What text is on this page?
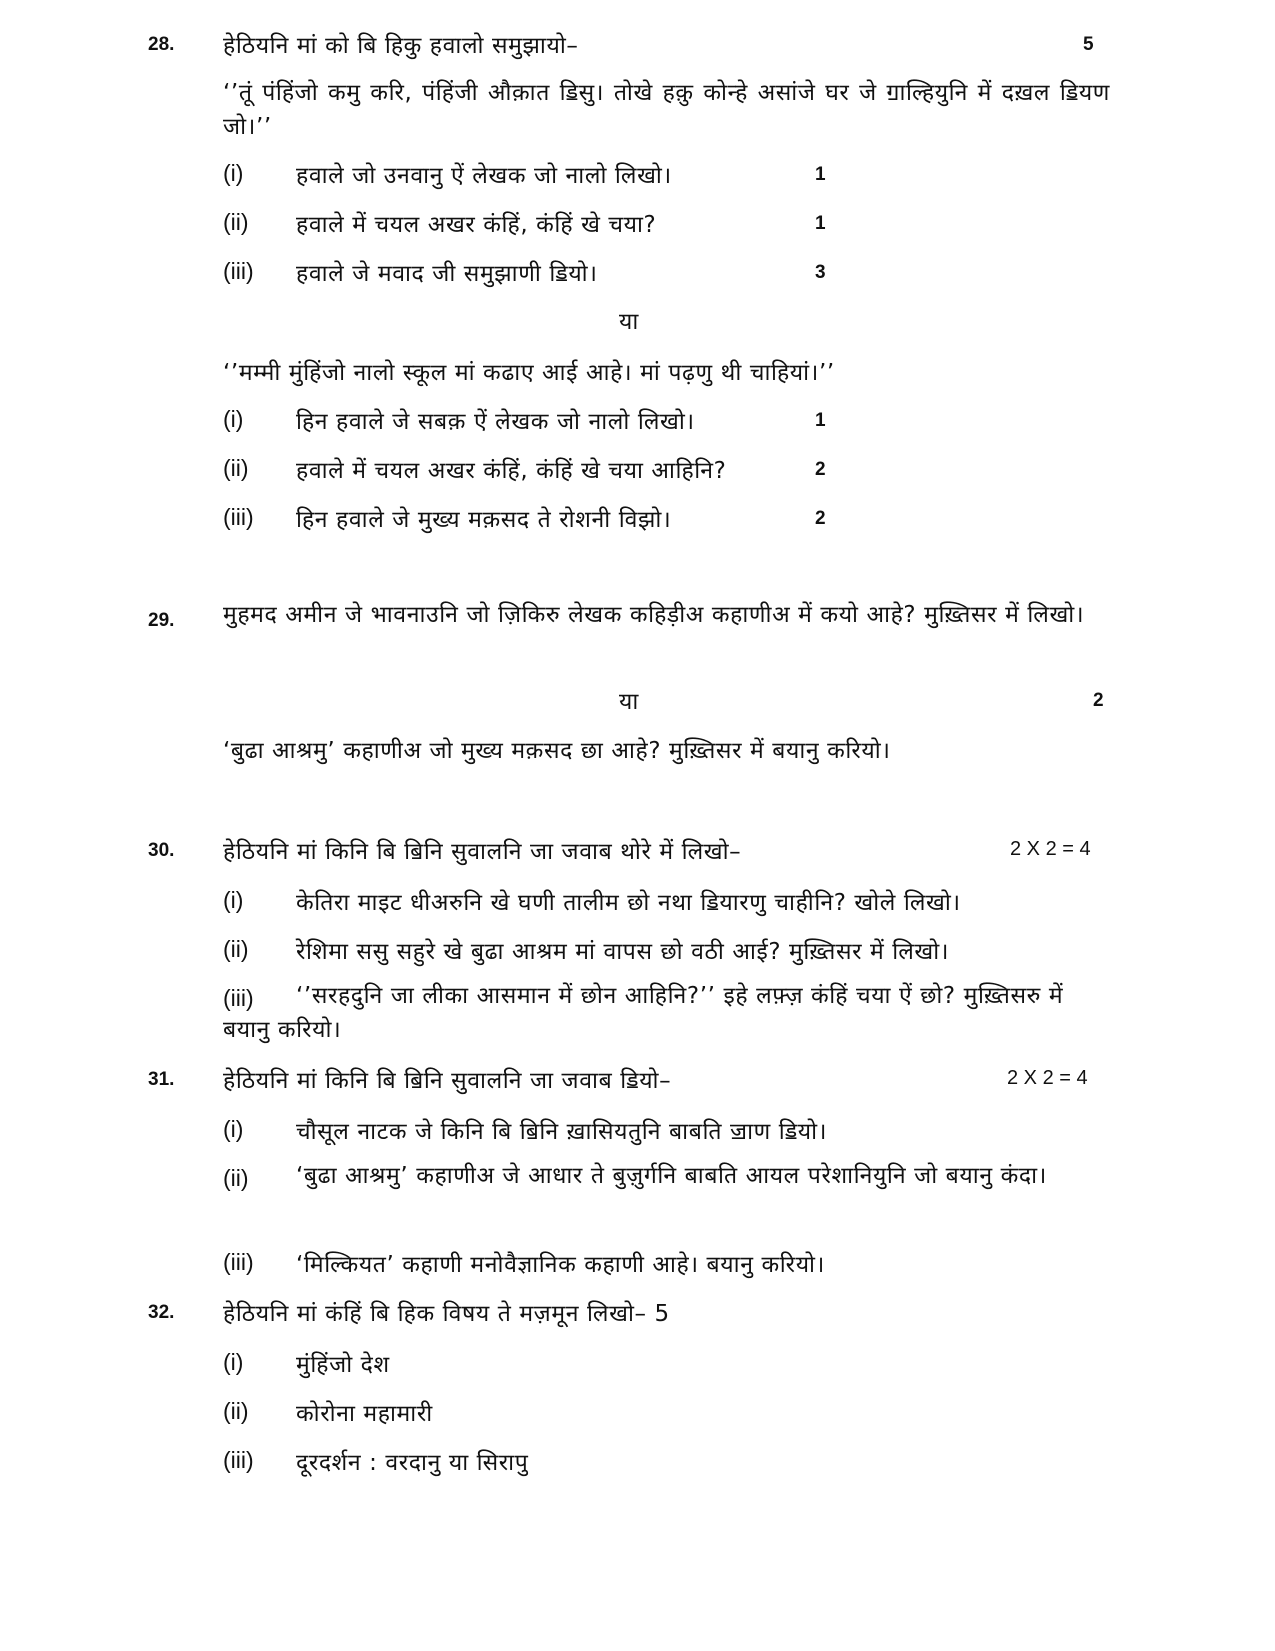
28. हेठियनि मां को बि हिकु हवालो समुझायो–	5
‘’तूं पंहिंजो कमु करि, पंहिंजी औक़ात ॾिसु। तोखे हक़ु कोन्हे असांजे घर जे ॻाल्हियुनि में दख़ल ॾियण जो।’’
(i) हवाले जो उनवानु ऐं लेखक जो नालो लिखो।	1
(ii) हवाले में चयल अखर कंहिं, कंहिं खे चया?	1
(iii) हवाले जे मवाद जी समुझाणी ॾियो।	3
या
‘’मम्मी मुंहिंजो नालो स्कूल मां कढाए आई आहे। मां पढ़णु थी चाहियां।’’
(i) हिन हवाले जे सबक़ ऐं लेखक जो नालो लिखो।	1
(ii) हवाले में चयल अखर कंहिं, कंहिं खे चया आहिनि?	2
(iii) हिन हवाले जे मुख्य मक़सद ते रोशनी विझो।	2
29. मुहमद अमीन जे भावनाउनि जो ज़िकिरु लेखक कहिड़ीअ कहाणीअ में कयो आहे? मुख़्तिसर में लिखो।
या	2
‘बुढा आश्रमु’ कहाणीअ जो मुख्य मक़सद छा आहे? मुख़्तिसर में बयानु करियो।
30. हेठियनि मां किनि बि ॿिनि सुवालनि जा जवाब थोरे में लिखो–	2 X 2 = 4
(i) केतिरा माइट धीअरुनि खे घणी तालीम छो नथा ॾियारणु चाहीनि? खोले लिखो।
(ii) रेशिमा ससु सहुरे खे बुढा आश्रम मां वापस छो वठी आई? मुख़्तिसर में लिखो।
(iii)	‘’सरहदुनि जा लीका आसमान में छोन आहिनि?’’ इहे लफ़्ज़ कंहिं चया ऐं छो? मुख़्तिसरु में बयानु करियो।
31. हेठियनि मां किनि बि ॿिनि सुवालनि जा जवाब ॾियो–	2 X 2 = 4
(i) चौसूल नाटक जे किनि बि ॿिनि ख़ासियतुनि बाबति ॼाण ॾियो।
(ii)	‘बुढा आश्रमु’ कहाणीअ जे आधार ते बुज़ुर्गनि बाबति आयल परेशानियुनि जो बयानु कंदा।
(iii) ‘मिल्कियत’ कहाणी मनोवैज्ञानिक कहाणी आहे। बयानु करियो।
32. हेठियनि मां कंहिं बि हिक विषय ते मज़मून लिखो– 5
(i) मुंहिंजो देश
(ii) कोरोना महामारी
(iii) दूरदर्शन : वरदानु या सिरापु
